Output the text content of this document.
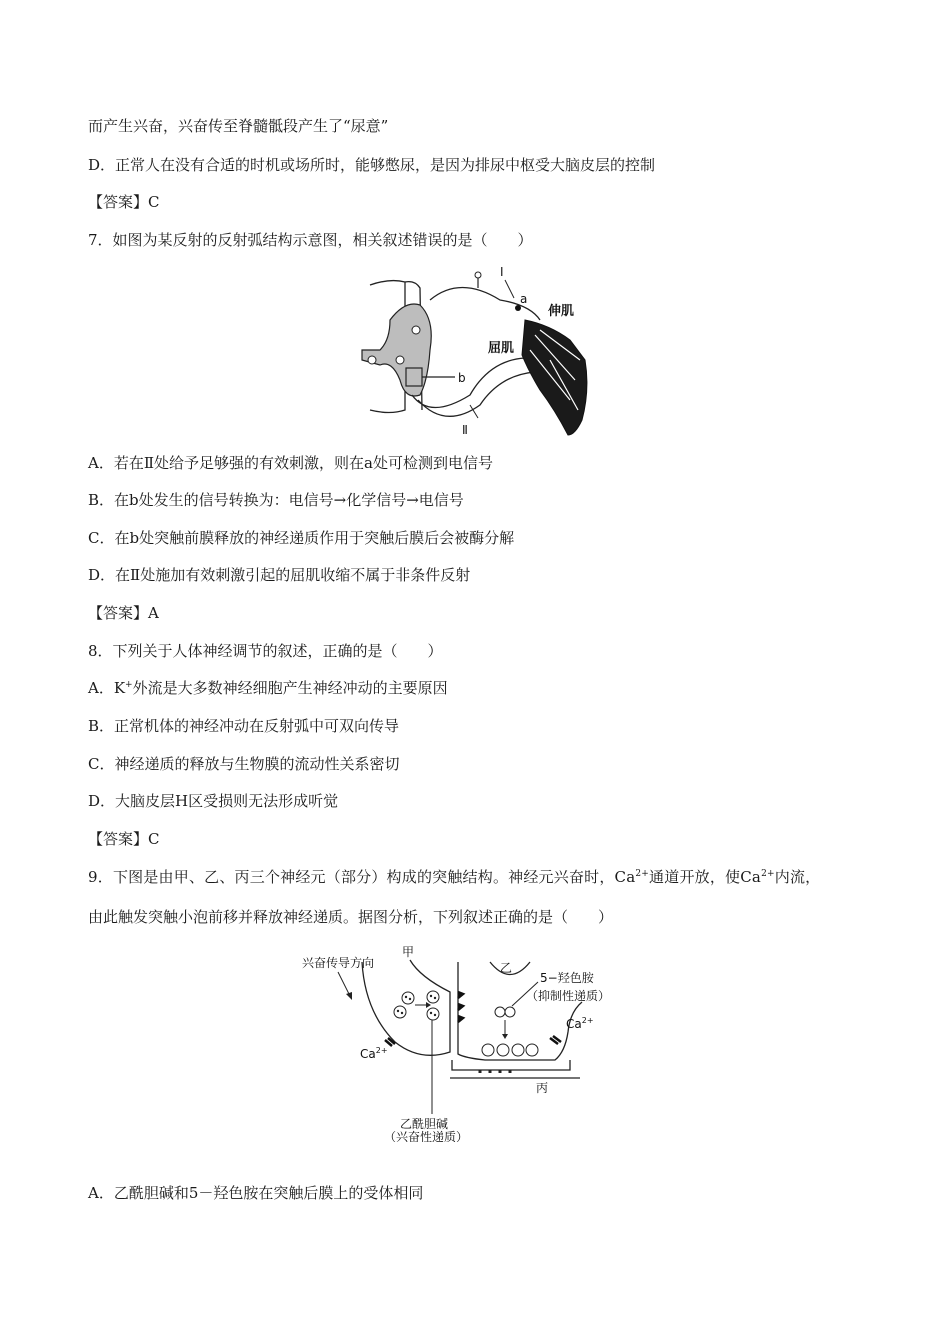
而产生兴奋，兴奋传至脊髓骶段产生了“尿意”
D．正常人在没有合适的时机或场所时，能够憋尿，是因为排尿中枢受大脑皮层的控制
【答案】C
7．如图为某反射的反射弧结构示意图，相关叙述错误的是（　　）
Ⅰ
a
伸肌
屈肌
b
Ⅱ
A．若在Ⅱ处给予足够强的有效刺激，则在a处可检测到电信号
B．在b处发生的信号转换为：电信号→化学信号→电信号
C．在b处突触前膜释放的神经递质作用于突触后膜后会被酶分解
D．在Ⅱ处施加有效刺激引起的屈肌收缩不属于非条件反射
【答案】A
8．下列关于人体神经调节的叙述，正确的是（　　）
A．K+外流是大多数神经细胞产生神经冲动的主要原因
B．正常机体的神经冲动在反射弧中可双向传导
C．神经递质的释放与生物膜的流动性关系密切
D．大脑皮层H区受损则无法形成听觉
【答案】C
9．下图是由甲、乙、丙三个神经元（部分）构成的突触结构。神经元兴奋时，$Ca^{2+}$通道开放，使$Ca^{2+}$内流，
由此触发突触小泡前移并释放神经递质。据图分析，下列叙述正确的是（　　）
兴奋传导方向
甲
乙
5−羟色胺
（抑制性递质）
$Ca^{2+}$
$Ca^{2+}$
丙
乙酰胆碱
（兴奋性递质）
A．乙酰胆碱和5－羟色胺在突触后膜上的受体相同
